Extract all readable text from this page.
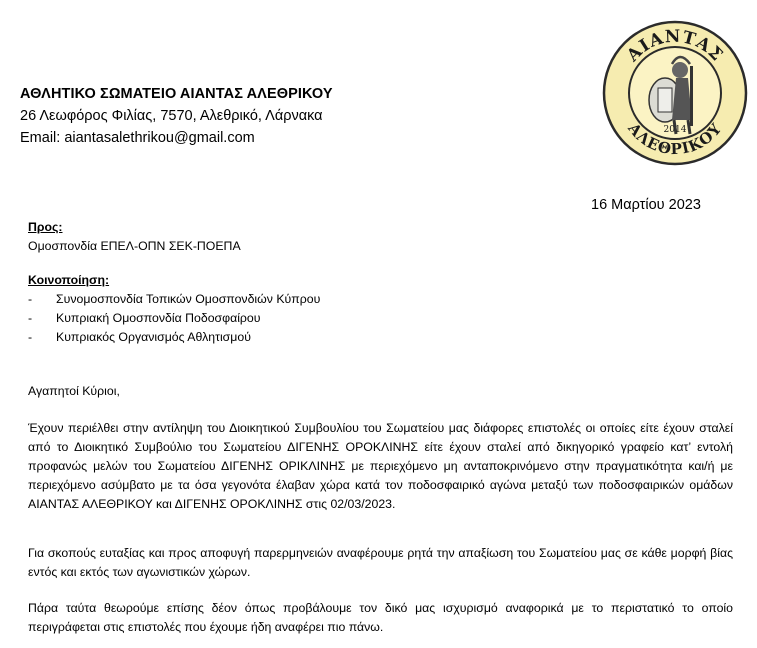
ΑΘΛΗΤΙΚΟ ΣΩΜΑΤΕΙΟ ΑΙΑΝΤΑΣ ΑΛΕΘΡΙΚΟΥ

26 Λεωφόρος Φιλίας, 7570, Αλεθρικό, Λάρνακα

Email: aiantasalethrikou@gmail.com

ΑΙΑΝΤΑΣ
ΑΛΕΘΡΙΚΟΥ
2014
16 Μαρτίου 2023
Προς:
Ομοσπονδία ΕΠΕΛ-ΟΠΝ ΣΕΚ-ΠΟΕΠΑ
Κοινοποίηση:
-	Συνομοσπονδία Τοπικών Ομοσπονδιών Κύπρου
-	Κυπριακή Ομοσπονδία Ποδοσφαίρου
-	Κυπριακός Οργανισμός Αθλητισμού

Αγαπητοί Κύριοι,

Έχουν περιέλθει στην αντίληψη του Διοικητικού Συμβουλίου του Σωματείου μας διάφορες επιστολές οι οποίες είτε έχουν σταλεί από το Διοικητικό Συμβούλιο του Σωματείου ΔΙΓΕΝΗΣ ΟΡΟΚΛΙΝΗΣ είτε έχουν σταλεί από δικηγορικό γραφείο κατ’ εντολή προφανώς μελών του Σωματείου ΔΙΓΕΝΗΣ ΟΡΙΚΛΙΝΗΣ με περιεχόμενο μη ανταποκρινόμενο στην πραγματικότητα και/ή με περιεχόμενο ασύμβατο με τα όσα γεγονότα έλαβαν χώρα κατά τον ποδοσφαιρικό αγώνα μεταξύ των ποδοσφαιρικών ομάδων ΑΙΑΝΤΑΣ ΑΛΕΘΡΙΚΟΥ και ΔΙΓΕΝΗΣ ΟΡΟΚΛΙΝΗΣ στις 02/03/2023.

Για σκοπούς ευταξίας και προς αποφυγή παρερμηνειών αναφέρουμε ρητά την απαξίωση του Σωματείου μας σε κάθε μορφή βίας εντός και εκτός των αγωνιστικών χώρων.

Πάρα ταύτα θεωρούμε επίσης δέον όπως προβάλουμε τον δικό μας ισχυρισμό αναφορικά με το περιστατικό το οποίο περιγράφεται στις επιστολές που έχουμε ήδη αναφέρει πιο πάνω.
